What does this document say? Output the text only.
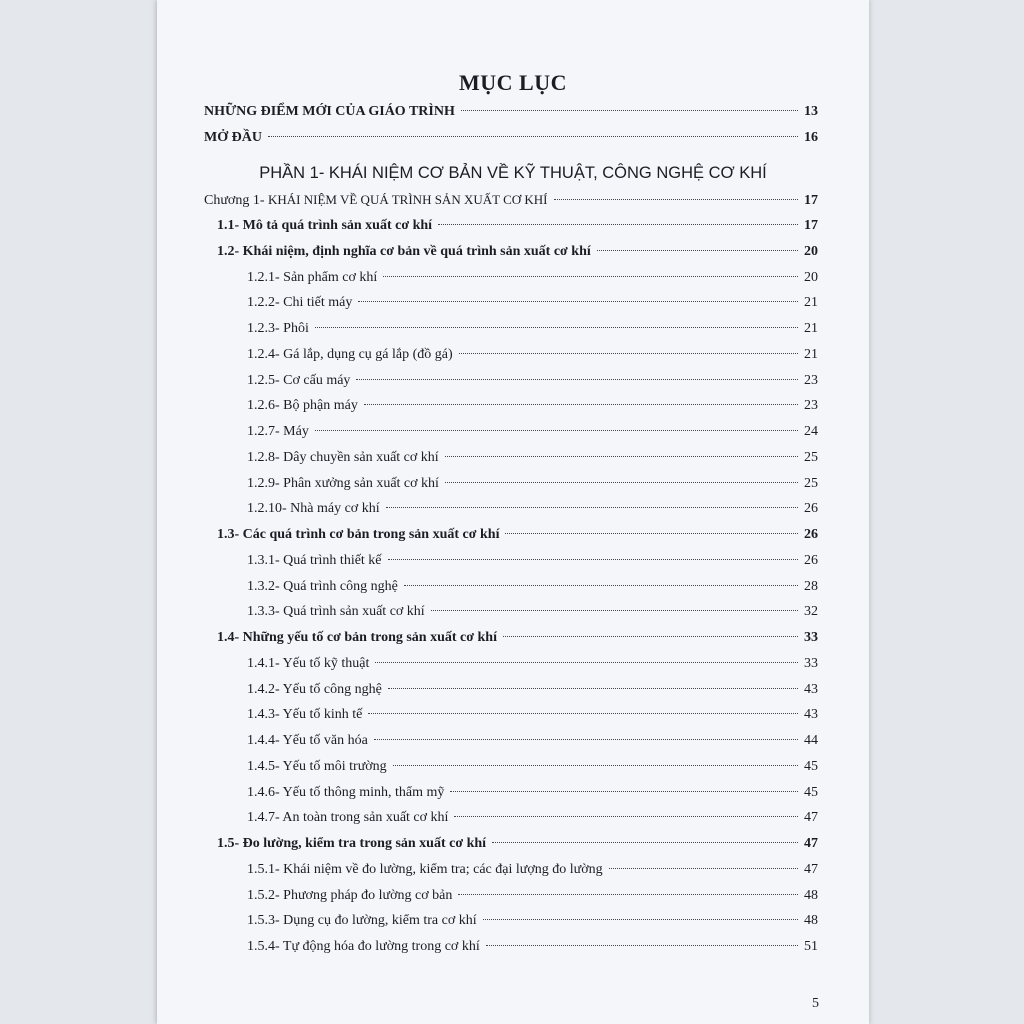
MỤC LỤC
NHỮNG ĐIỂM MỚI CỦA GIÁO TRÌNH	13
MỞ ĐẦU	16
PHẦN 1- KHÁI NIỆM CƠ BẢN VỀ KỸ THUẬT, CÔNG NGHỆ CƠ KHÍ
Chương 1- KHÁI NIỆM VỀ QUÁ TRÌNH SẢN XUẤT CƠ KHÍ	17
1.1- Mô tả quá trình sản xuất cơ khí	17
1.2- Khái niệm, định nghĩa cơ bản về quá trình sản xuất cơ khí	20
1.2.1- Sản phẩm cơ khí	20
1.2.2- Chi tiết máy	21
1.2.3- Phôi	21
1.2.4- Gá lắp, dụng cụ gá lắp (đồ gá)	21
1.2.5- Cơ cấu máy	23
1.2.6- Bộ phận máy	23
1.2.7- Máy	24
1.2.8- Dây chuyền sản xuất cơ khí	25
1.2.9- Phân xưởng sản xuất cơ khí	25
1.2.10- Nhà máy cơ khí	26
1.3- Các quá trình cơ bản trong sản xuất cơ khí	26
1.3.1- Quá trình thiết kế	26
1.3.2- Quá trình công nghệ	28
1.3.3- Quá trình sản xuất cơ khí	32
1.4- Những yếu tố cơ bản trong sản xuất cơ khí	33
1.4.1- Yếu tố kỹ thuật	33
1.4.2- Yếu tố công nghệ	43
1.4.3- Yếu tố kinh tế	43
1.4.4- Yếu tố văn hóa	44
1.4.5- Yếu tố môi trường	45
1.4.6- Yếu tố thông minh, thẩm mỹ	45
1.4.7- An toàn trong sản xuất cơ khí	47
1.5- Đo lường, kiểm tra trong sản xuất cơ khí	47
1.5.1- Khái niệm về đo lường, kiểm tra; các đại lượng đo lường	47
1.5.2- Phương pháp đo lường cơ bản	48
1.5.3- Dụng cụ đo lường, kiểm tra cơ khí	48
1.5.4- Tự động hóa đo lường trong cơ khí	51
5
